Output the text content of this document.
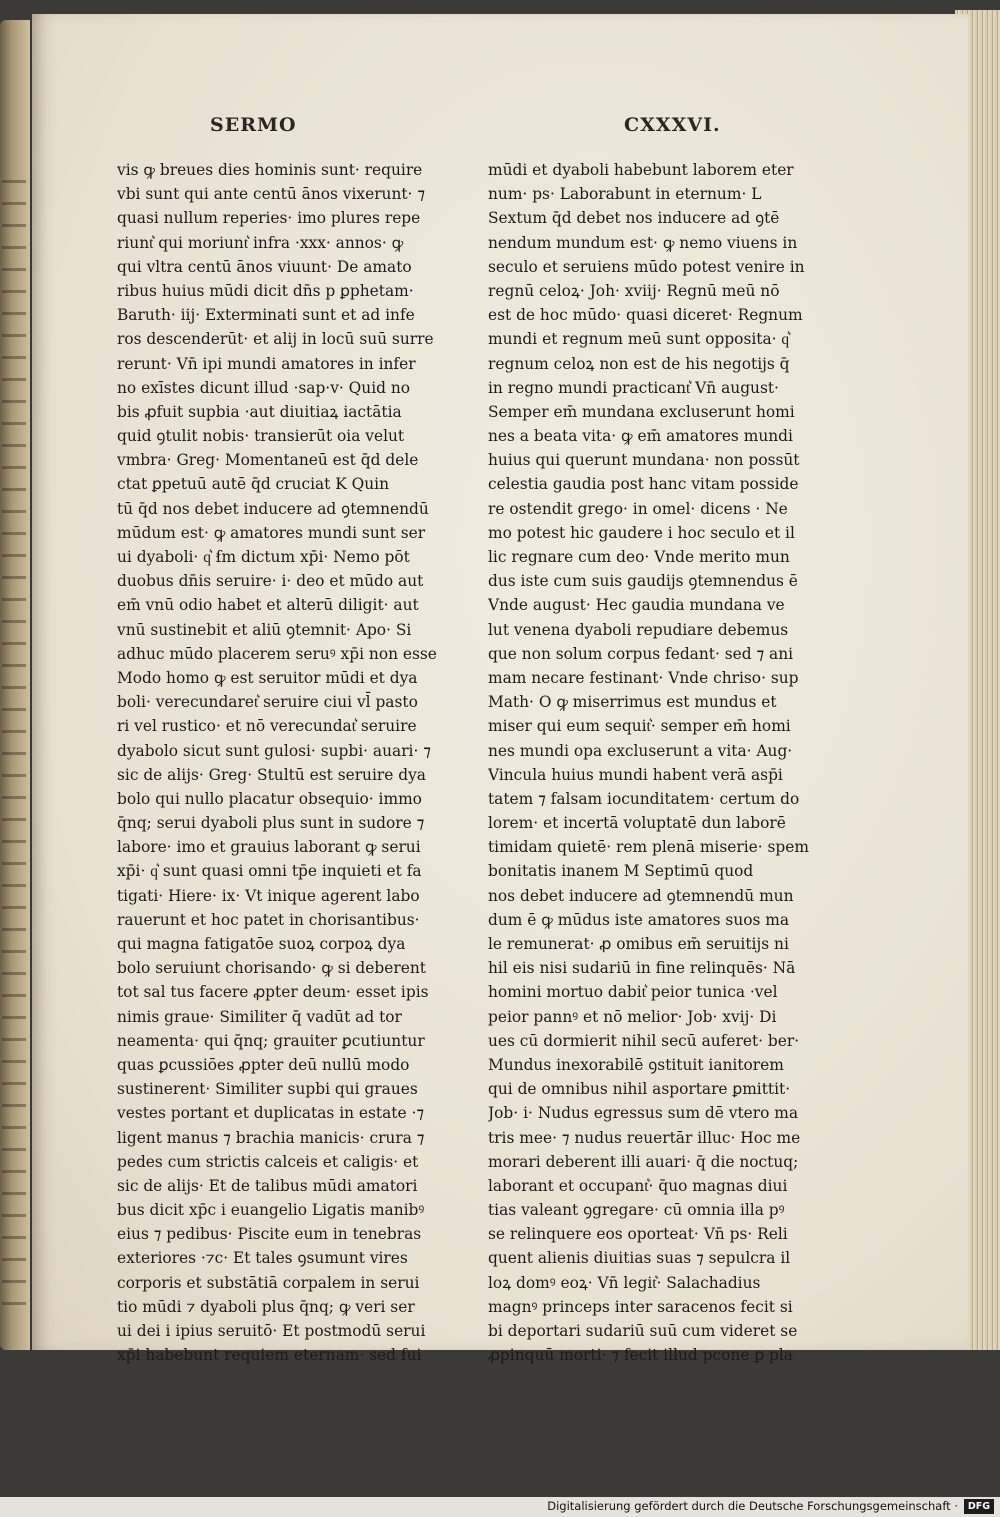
SERMO	CXXXVI.
vis ꝙ breues dies hominis sunt· require
vbi sunt qui ante centū ānos vixerunt· ⁊
quasi nullum reperies· imo plures repe
riunt͛ qui moriunt͛ infra ·xxx· annos· ꝙ
qui vltra centū ānos viuunt· De amato
ribus huius mūdi dicit dn̄s p ꝑphetam·
Baruth· iij· Exterminati sunt et ad infe
ros descenderūt· et alij in locū suū surre
rerunt· Vn̄ ipi mundi amatores in infer
no exīstes dicunt illud ·sap·v· Quid no
bis ꝓfuit supbia ·aut diuitiaꝝ iactātia
quid ꝯtulit nobis· transierūt oia velut
vmbra· Greg· Momentaneū est q̄d dele
ctat ꝑpetuū autē q̄d cruciat K Quin
tū q̄d nos debet inducere ad ꝯtemnendū
mūdum est· ꝙ amatores mundi sunt ser
ui dyaboli· q͛ ẜm dictum xp̄i· Nemo pōt
duobus dn̄is seruire· i· deo et mūdo aut
em̄ vnū odio habet et alterū diligit· aut
vnū sustinebit et aliū ꝯtemnit· Apo· Si
adhuc mūdo placerem seruꝰ xp̄i non esse
Modo homo ꝙ est seruitor mūdi et dya
boli· verecundaret͛ seruire ciui vl̄ pasto
ri vel rustico· et nō verecundat͛ seruire
dyabolo sicut sunt gulosi· supbi· auari· ⁊
sic de alijs· Greg· Stultū est seruire dya
bolo qui nullo placatur obsequio· immo
q̄nq; serui dyaboli plus sunt in sudore ⁊
labore· imo et grauius laborant ꝙ serui
xp̄i· q͛ sunt quasi omni tp̄e inquieti et fa
tigati· Hiere· ix· Vt inique agerent labo
rauerunt et hoc patet in chorisantibus·
qui magna fatigatōe suoꝝ corpoꝝ dya
bolo seruiunt chorisando· ꝙ si deberent
tot sal tus facere ꝓpter deum· esset ipis
nimis graue· Similiter q̄ vadūt ad tor
neamenta· qui q̄nq; grauiter ꝑcutiuntur
quas ꝑcussiōes ꝓpter deū nullū modo
sustinerent· Similiter supbi qui graues
vestes portant et duplicatas in estate ·⁊
ligent manus ⁊ brachia manicis· crura ⁊
pedes cum strictis calceis et caligis· et
sic de alijs· Et de talibus mūdi amatori
bus dicit xp̄c i euangelio Ligatis manibꝰ
eius ⁊ pedibus· Piscite eum in tenebras
exteriores ·⁊c· Et tales ꝯsumunt vires
corporis et substātiā corpalem in serui
tio mūdi ⁊ dyaboli plus q̄nq; ꝙ veri ser
ui dei i ipius seruitō· Et postmodū serui
xp̄i habebunt requiem eternam· sed ẜui
mūdi et dyaboli habebunt laborem eter
num· ps· Laborabunt in eternum· L
Sextum q̄d debet nos inducere ad ꝯtē
nendum mundum est· ꝙ nemo viuens in
seculo et seruiens mūdo potest venire in
regnū celoꝝ· Joh· xviij· Regnū meū nō
est de hoc mūdo· quasi diceret· Regnum
mundi et regnum meū sunt opposita· q͛
regnum celoꝝ non est de his negotijs q̄
in regno mundi practicant͛ Vn̄ august·
Semper em̄ mundana excluserunt homi
nes a beata vita· ꝙ em̄ amatores mundi
huius qui querunt mundana· non possūt
celestia gaudia post hanc vitam posside
re ostendit grego· in omel· dicens · Ne
mo potest hic gaudere i hoc seculo et il
lic regnare cum deo· Vnde merito mun
dus iste cum suis gaudijs ꝯtemnendus ē
Vnde august· Hec gaudia mundana ve
lut venena dyaboli repudiare debemus
que non solum corpus fedant· sed ⁊ ani
mam necare festinant· Vnde chriso· sup
Math· O ꝙ miserrimus est mundus et
miser qui eum sequit͛· semper em̄ homi
nes mundi opa excluserunt a vita· Aug·
Vincula huius mundi habent verā asp̄i
tatem ⁊ falsam iocunditatem· certum do
lorem· et incertā voluptatē dun laborē
timidam quietē· rem plenā miserie· spem
bonitatis inanem M Septimū quod
nos debet inducere ad ꝯtemnendū mun
dum ē ꝙ mūdus iste amatores suos ma
le remunerat· ꝓ omibus em̄ seruitijs ni
hil eis nisi sudariū in fine relinquēs· Nā
homini mortuo dabit͛ peior tunica ·vel
peior pannꝰ et nō melior· Job· xvij· Di
ues cū dormierit nihil secū auferet· ber·
Mundus inexorabilē ꝯstituit ianitorem
qui de omnibus nihil asportare ꝑmittit·
Job· i· Nudus egressus sum dē vtero ma
tris mee· ⁊ nudus reuertār illuc· Hoc me
morari deberent illi auari· q̄ die noctuq;
laborant et occupant͛· q̄uo magnas diui
tias valeant ꝯgregare· cū omnia illa pꝰ
se relinquere eos oporteat· Vn̄ ps· Reli
quent alienis diuitias suas ⁊ sepulcra il
loꝝ domꝰ eoꝝ· Vn̄ legit͛· Salachadius
magnꝰ princeps inter saracenos fecit si
bi deportari sudariū suū cum videret se
ꝓpinquū morti· ⁊ fecit illud pcone ꝑ pla
Digitalisierung gefördert durch die Deutsche Forschungsgemeinschaft ·	DFG
